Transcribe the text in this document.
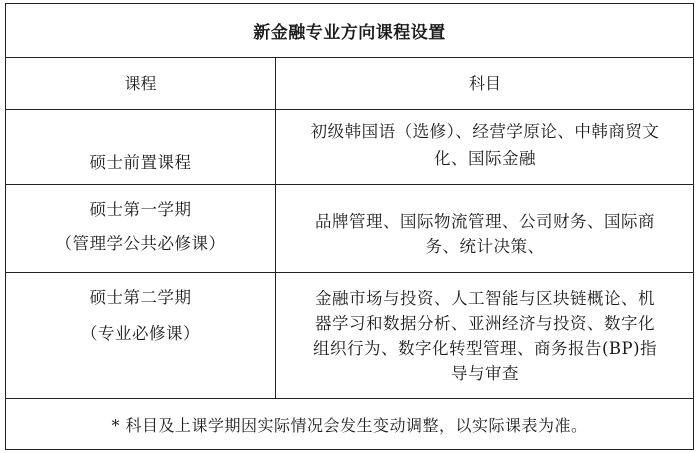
新金融专业方向课程设置
课程	科目
硕士前置课程
初级韩国语（选修）、经营学原论、中韩商贸文
化、国际金融
硕士第一学期
（管理学公共必修课）
品牌管理、国际物流管理、公司财务、国际商
务、统计决策、
硕士第二学期
（专业必修课）
金融市场与投资、人工智能与区块链概论、机
器学习和数据分析、亚洲经济与投资、数字化
组织行为、数字化转型管理、商务报告(BP)指
导与审查
* 科目及上课学期因实际情况会发生变动调整，以实际课表为准。
